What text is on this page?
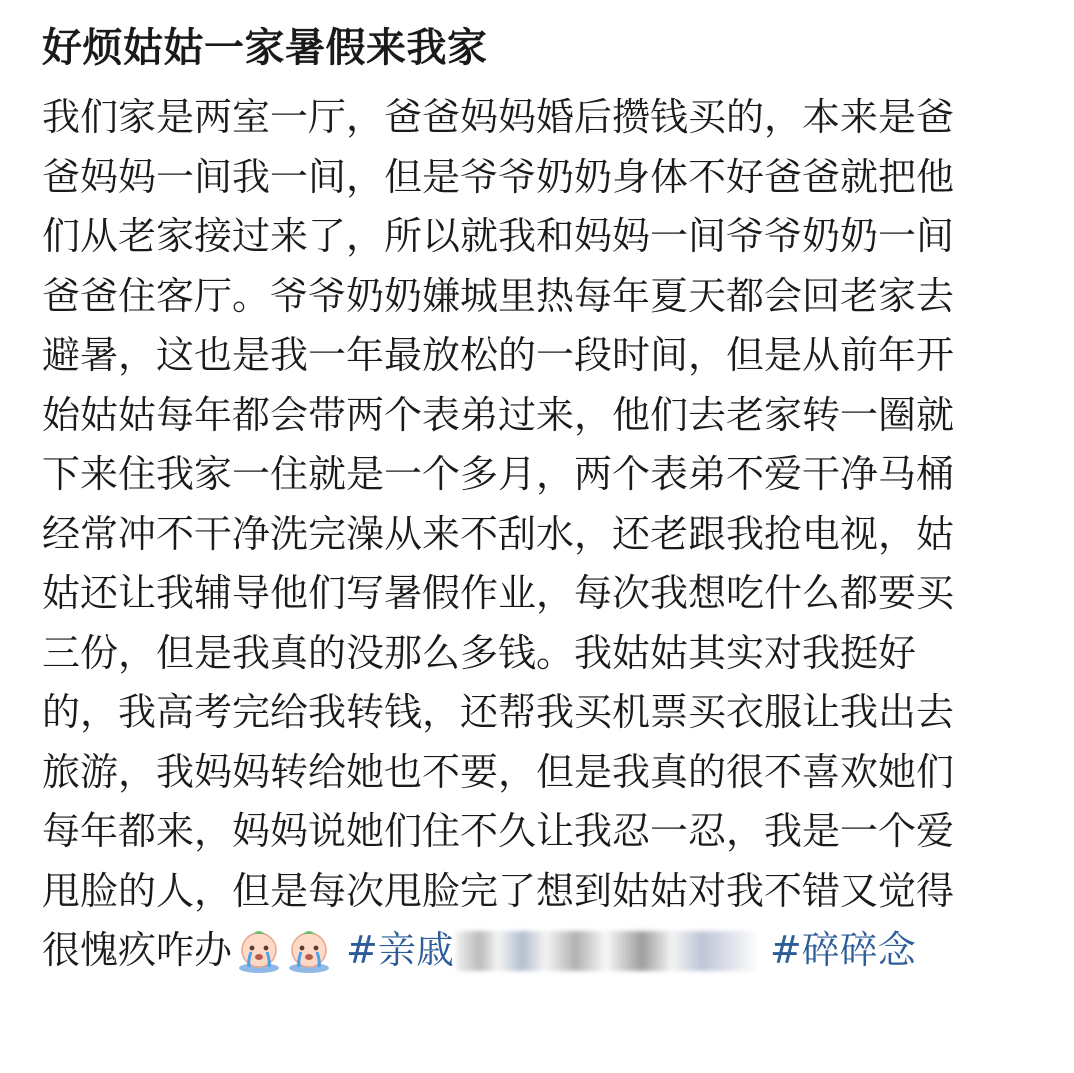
好烦姑姑一家暑假来我家
我们家是两室一厅，爸爸妈妈婚后攒钱买的，本来是爸
爸妈妈一间我一间，但是爷爷奶奶身体不好爸爸就把他
们从老家接过来了，所以就我和妈妈一间爷爷奶奶一间
爸爸住客厅。爷爷奶奶嫌城里热每年夏天都会回老家去
避暑，这也是我一年最放松的一段时间，但是从前年开
始姑姑每年都会带两个表弟过来，他们去老家转一圈就
下来住我家一住就是一个多月，两个表弟不爱干净马桶
经常冲不干净洗完澡从来不刮水，还老跟我抢电视，姑
姑还让我辅导他们写暑假作业，每次我想吃什么都要买
三份，但是我真的没那么多钱。我姑姑其实对我挺好
的，我高考完给我转钱，还帮我买机票买衣服让我出去
旅游，我妈妈转给她也不要，但是我真的很不喜欢她们
每年都来，妈妈说她们住不久让我忍一忍，我是一个爱
甩脸的人，但是每次甩脸完了想到姑姑对我不错又觉得
很愧疚咋办	#亲戚	#碎碎念
